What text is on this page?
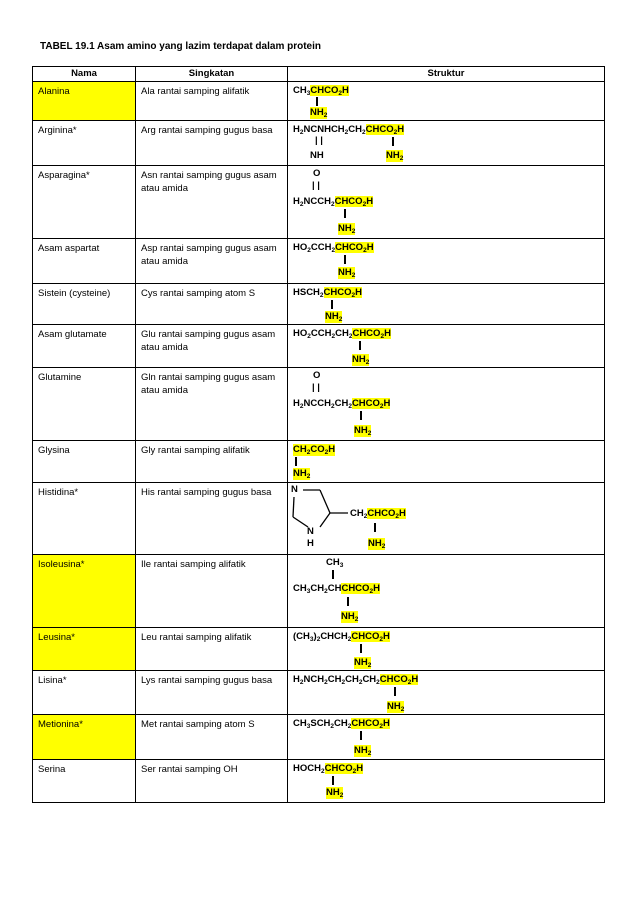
TABEL 19.1 Asam amino yang lazim terdapat dalam protein
Nama	Singkatan	Struktur
Alanina	Ala rantai samping alifatik	$CH_3CHCO_2H$
$NH_2$

Arginina*	Arg rantai samping gugus basa	$H_2NCNHCH_2CH_2CHCO_2H$
| |
NH $NH_2$

Asparagina*	Asn rantai samping gugus asam atau amida	O
| |
$H_2NCCH_2CHCO_2H$
$NH_2$

Asam aspartat	Asp rantai samping gugus asam atau amida	$HO_2CCH_2CHCO_2H$
$NH_2$

Sistein (cysteine)	Cys rantai samping atom S	$HSCH_2CHCO_2H$
$NH_2$

Asam glutamate	Glu rantai samping gugus asam atau amida	$HO_2CCH_2CH_2CHCO_2H$
$NH_2$

Glutamine	Gln rantai samping gugus asam atau amida	O
| |
$H_2NCCH_2CH_2CHCO_2H$
$NH_2$

Glysina	Gly rantai samping alifatik	$CH_2CO_2H$
$NH_2$

Histidina*	His rantai samping gugus basa	N
$CH_2CHCO_2H$
N
H $NH_2$

Isoleusina*	Ile rantai samping alifatik	$CH_3$
$CH_3CH_2CHCHCO_2H$
$NH_2$

Leusina*	Leu rantai samping alifatik	$(CH_3)_2CHCH_2CHCO_2H$
$NH_2$

Lisina*	Lys rantai samping gugus basa	$H_2NCH_2CH_2CH_2CH_2CHCO_2H$
$NH_2$

Metionina*	Met rantai samping atom S	$CH_3SCH_2CH_2CHCO_2H$
$NH_2$

Serina	Ser rantai samping OH	$HOCH_2CHCO_2H$
$NH_2$
